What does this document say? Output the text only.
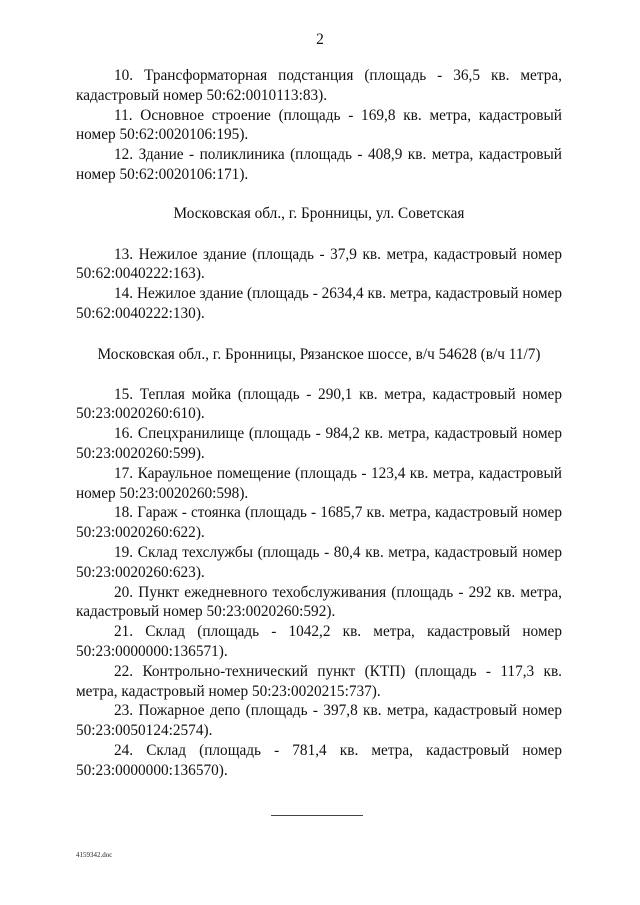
2

10. Трансформаторная подстанция (площадь - 36,5 кв. метра, кадастровый номер 50:62:0010113:83).

11. Основное строение (площадь - 169,8 кв. метра, кадастровый номер 50:62:0020106:195).

12. Здание - поликлиника (площадь - 408,9 кв. метра, кадастровый номер 50:62:0020106:171).

Московская обл., г. Бронницы, ул. Советская

13. Нежилое здание (площадь - 37,9 кв. метра, кадастровый номер 50:62:0040222:163).

14. Нежилое здание (площадь - 2634,4 кв. метра, кадастровый номер 50:62:0040222:130).

Московская обл., г. Бронницы, Рязанское шоссе, в/ч 54628 (в/ч 11/7)

15. Теплая мойка (площадь - 290,1 кв. метра, кадастровый номер 50:23:0020260:610).

16. Спецхранилище (площадь - 984,2 кв. метра, кадастровый номер 50:23:0020260:599).

17. Караульное помещение (площадь - 123,4 кв. метра, кадастровый номер 50:23:0020260:598).

18. Гараж - стоянка (площадь - 1685,7 кв. метра, кадастровый номер 50:23:0020260:622).

19. Склад техслужбы (площадь - 80,4 кв. метра, кадастровый номер 50:23:0020260:623).

20. Пункт ежедневного техобслуживания (площадь - 292 кв. метра, кадастровый номер 50:23:0020260:592).

21. Склад (площадь - 1042,2 кв. метра, кадастровый номер 50:23:0000000:136571).

22. Контрольно-технический пункт (КТП) (площадь - 117,3 кв. метра, кадастровый номер 50:23:0020215:737).

23. Пожарное депо (площадь - 397,8 кв. метра, кадастровый номер 50:23:0050124:2574).

24. Склад (площадь - 781,4 кв. метра, кадастровый номер 50:23:0000000:136570).

4159342.doc
